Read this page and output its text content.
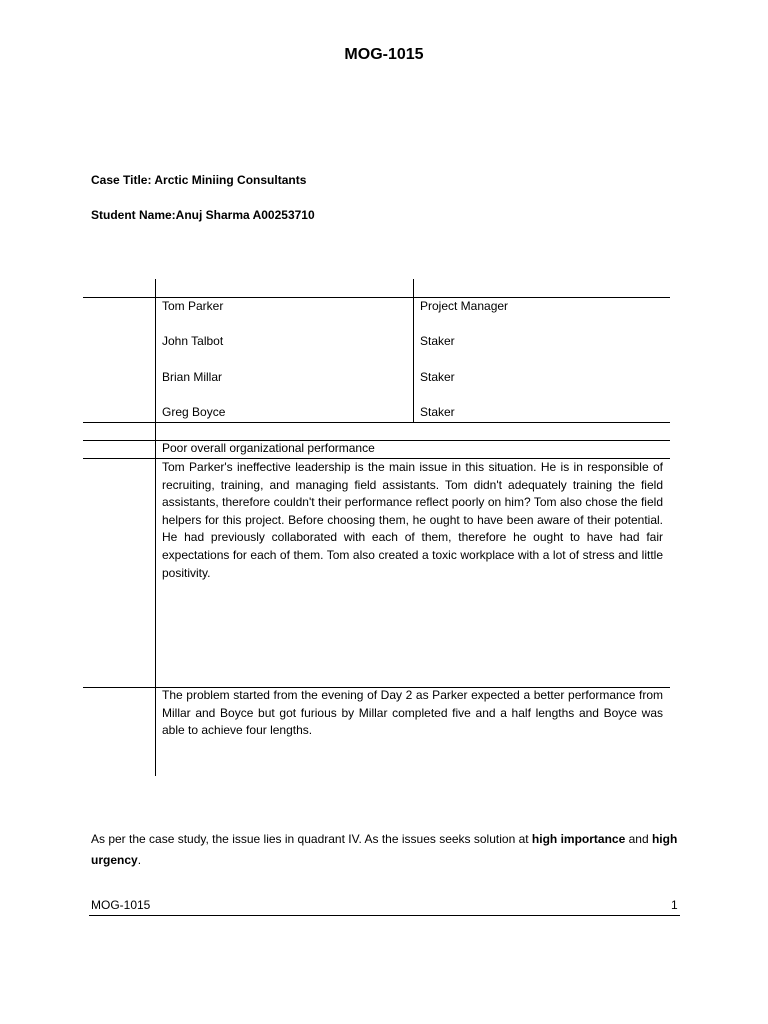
MOG-1015
Case Title: Arctic Miniing Consultants
Student Name:Anuj Sharma A00253710
Tom Parker	Project Manager
John Talbot	Staker
Brian Millar	Staker
Greg Boyce	Staker
Poor overall organizational performance
Tom Parker's ineffective leadership is the main issue in this situation. He is in responsible of recruiting, training, and managing field assistants. Tom didn't adequately training the field assistants, therefore couldn't their performance reflect poorly on him? Tom also chose the field helpers for this project. Before choosing them, he ought to have been aware of their potential. He had previously collaborated with each of them, therefore he ought to have had fair expectations for each of them. Tom also created a toxic workplace with a lot of stress and little positivity.
The problem started from the evening of Day 2 as Parker expected a better performance from Millar and Boyce but got furious by Millar completed five and a half lengths and Boyce was able to achieve four lengths.
As per the case study, the issue lies in quadrant IV. As the issues seeks solution at high importance and high urgency.
MOG-1015	1
